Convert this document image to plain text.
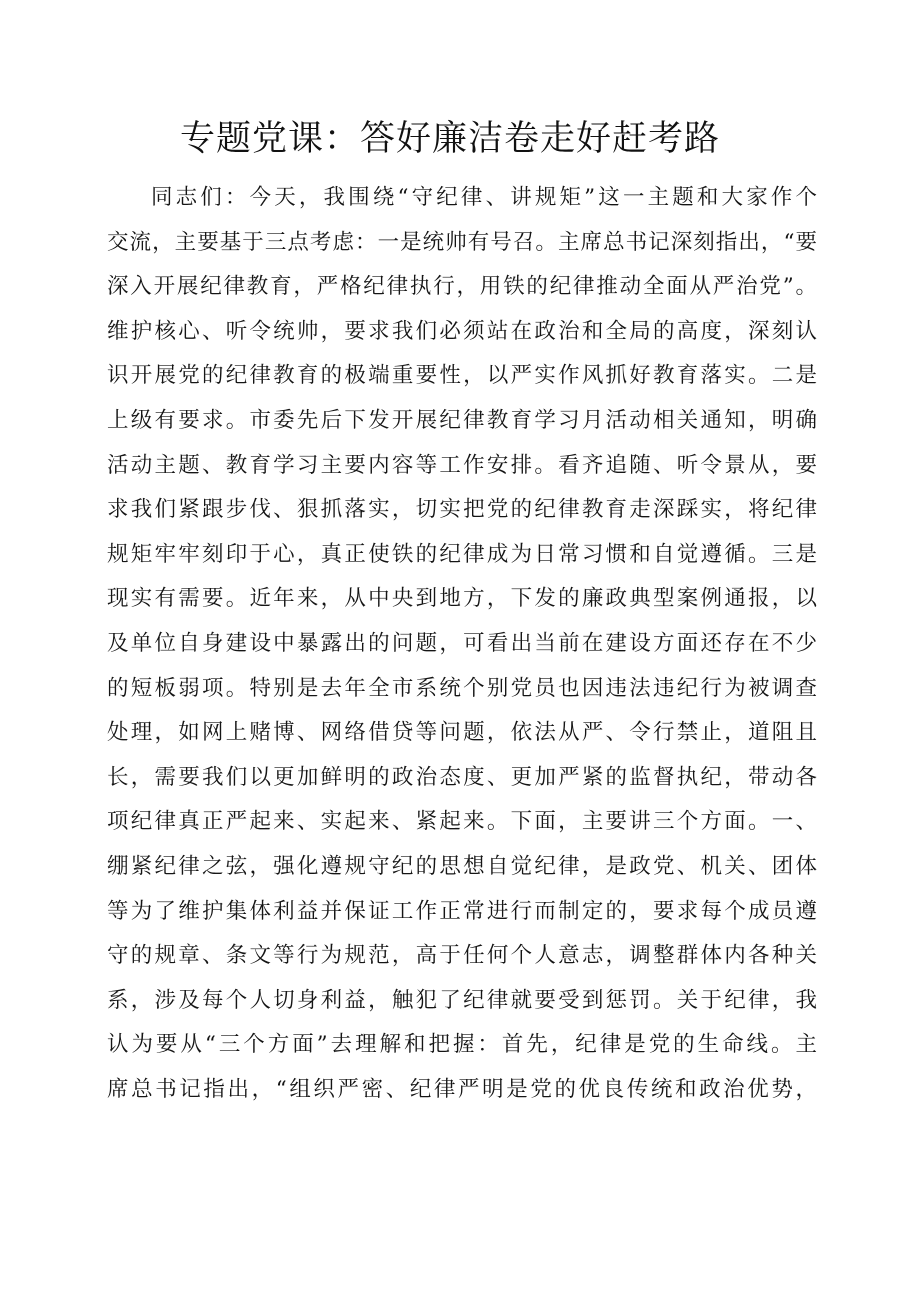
专题党课：答好廉洁卷走好赶考路
同志们：今天，我围绕“守纪律、讲规矩”这一主题和大家作个
交流，主要基于三点考虑：一是统帅有号召。主席总书记深刻指出，“要
深入开展纪律教育，严格纪律执行，用铁的纪律推动全面从严治党”。
维护核心、听令统帅，要求我们必须站在政治和全局的高度，深刻认
识开展党的纪律教育的极端重要性，以严实作风抓好教育落实。二是
上级有要求。市委先后下发开展纪律教育学习月活动相关通知，明确
活动主题、教育学习主要内容等工作安排。看齐追随、听令景从，要
求我们紧跟步伐、狠抓落实，切实把党的纪律教育走深踩实，将纪律
规矩牢牢刻印于心，真正使铁的纪律成为日常习惯和自觉遵循。三是
现实有需要。近年来，从中央到地方，下发的廉政典型案例通报，以
及单位自身建设中暴露出的问题，可看出当前在建设方面还存在不少
的短板弱项。特别是去年全市系统个别党员也因违法违纪行为被调查
处理，如网上赌博、网络借贷等问题，依法从严、令行禁止，道阻且
长，需要我们以更加鲜明的政治态度、更加严紧的监督执纪，带动各
项纪律真正严起来、实起来、紧起来。下面，主要讲三个方面。一、
绷紧纪律之弦，强化遵规守纪的思想自觉纪律，是政党、机关、团体
等为了维护集体利益并保证工作正常进行而制定的，要求每个成员遵
守的规章、条文等行为规范，高于任何个人意志，调整群体内各种关
系，涉及每个人切身利益，触犯了纪律就要受到惩罚。关于纪律，我
认为要从“三个方面”去理解和把握：首先，纪律是党的生命线。主
席总书记指出，“组织严密、纪律严明是党的优良传统和政治优势，
